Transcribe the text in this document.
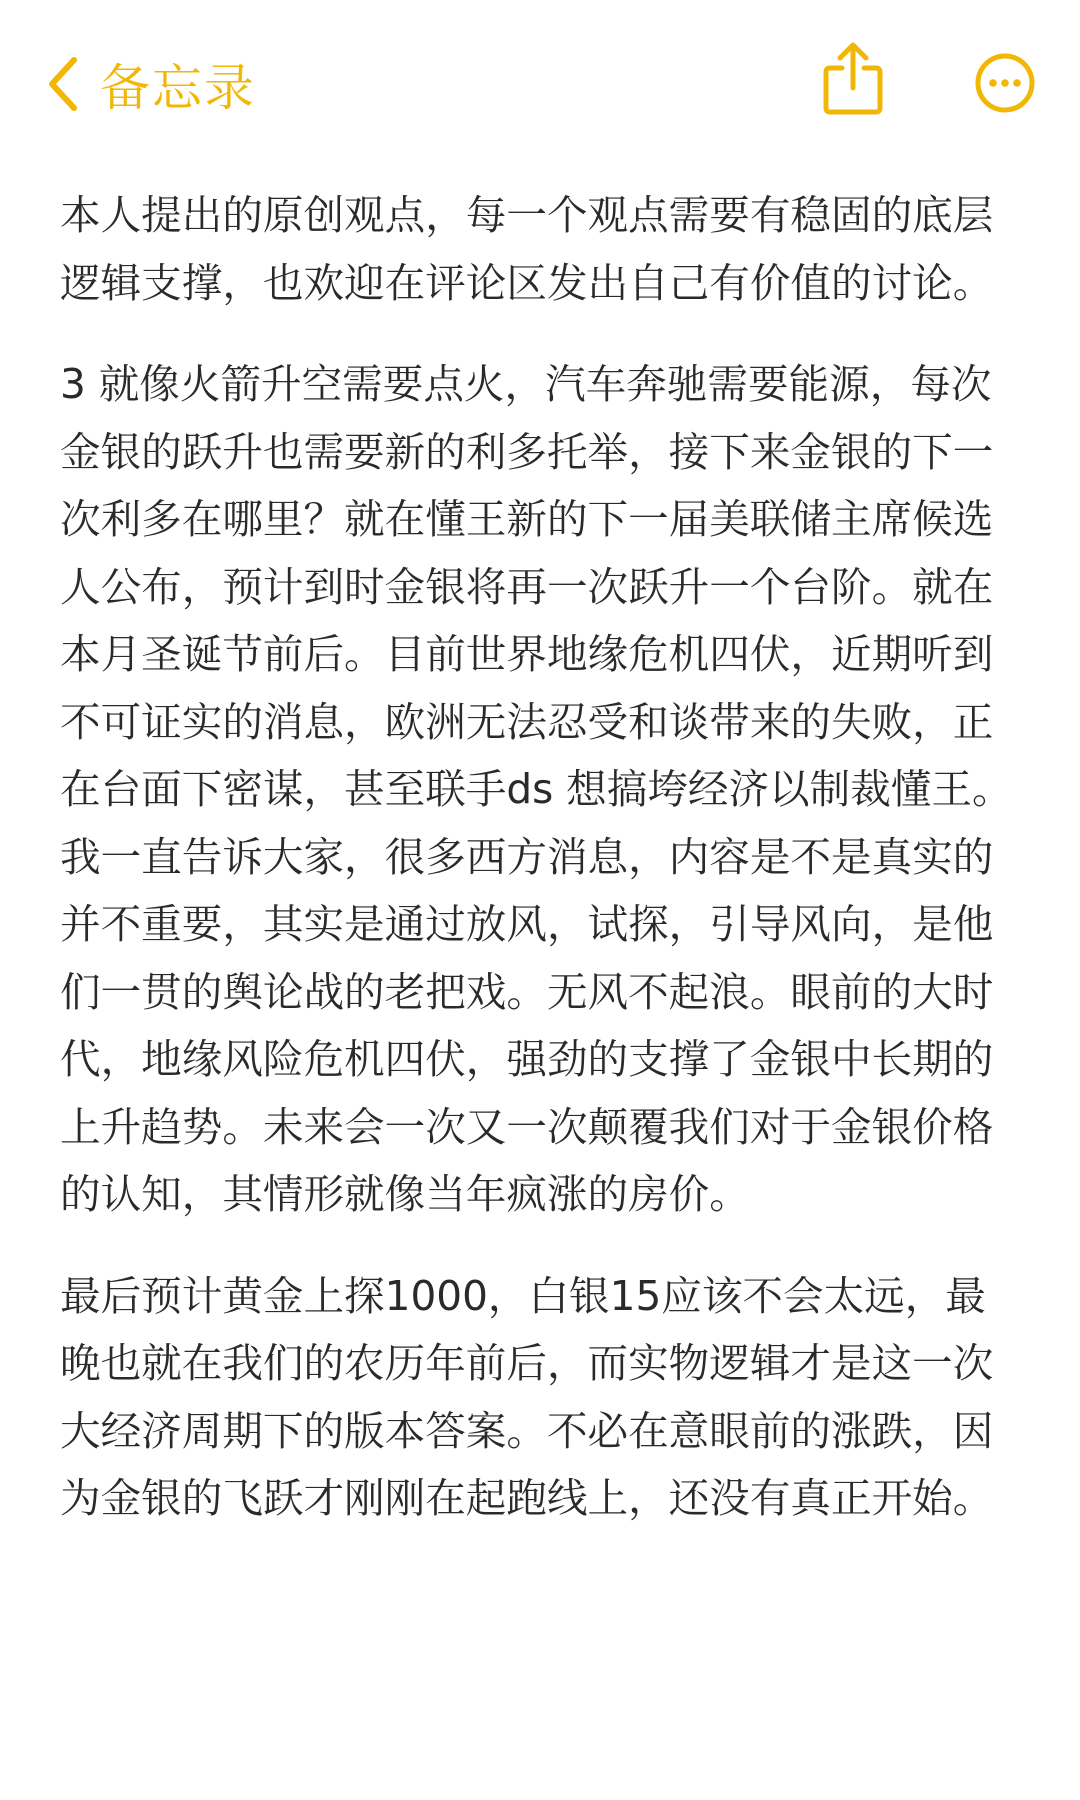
备忘录

本人提出的原创观点，每一个观点需要有稳固的底层逻辑支撑，也欢迎在评论区发出自己有价值的讨论。

3 就像火箭升空需要点火，汽车奔驰需要能源，每次金银的跃升也需要新的利多托举，接下来金银的下一次利多在哪里？就在懂王新的下一届美联储主席候选人公布，预计到时金银将再一次跃升一个台阶。就在本月圣诞节前后。目前世界地缘危机四伏，近期听到不可证实的消息，欧洲无法忍受和谈带来的失败，正在台面下密谋，甚至联手ds 想搞垮经济以制裁懂王。我一直告诉大家，很多西方消息，内容是不是真实的并不重要，其实是通过放风，试探，引导风向，是他们一贯的舆论战的老把戏。无风不起浪。眼前的大时代，地缘风险危机四伏，强劲的支撑了金银中长期的上升趋势。未来会一次又一次颠覆我们对于金银价格的认知，其情形就像当年疯涨的房价。

最后预计黄金上探1000，白银15应该不会太远，最晚也就在我们的农历年前后，而实物逻辑才是这一次大经济周期下的版本答案。不必在意眼前的涨跌，因为金银的飞跃才刚刚在起跑线上，还没有真正开始。
